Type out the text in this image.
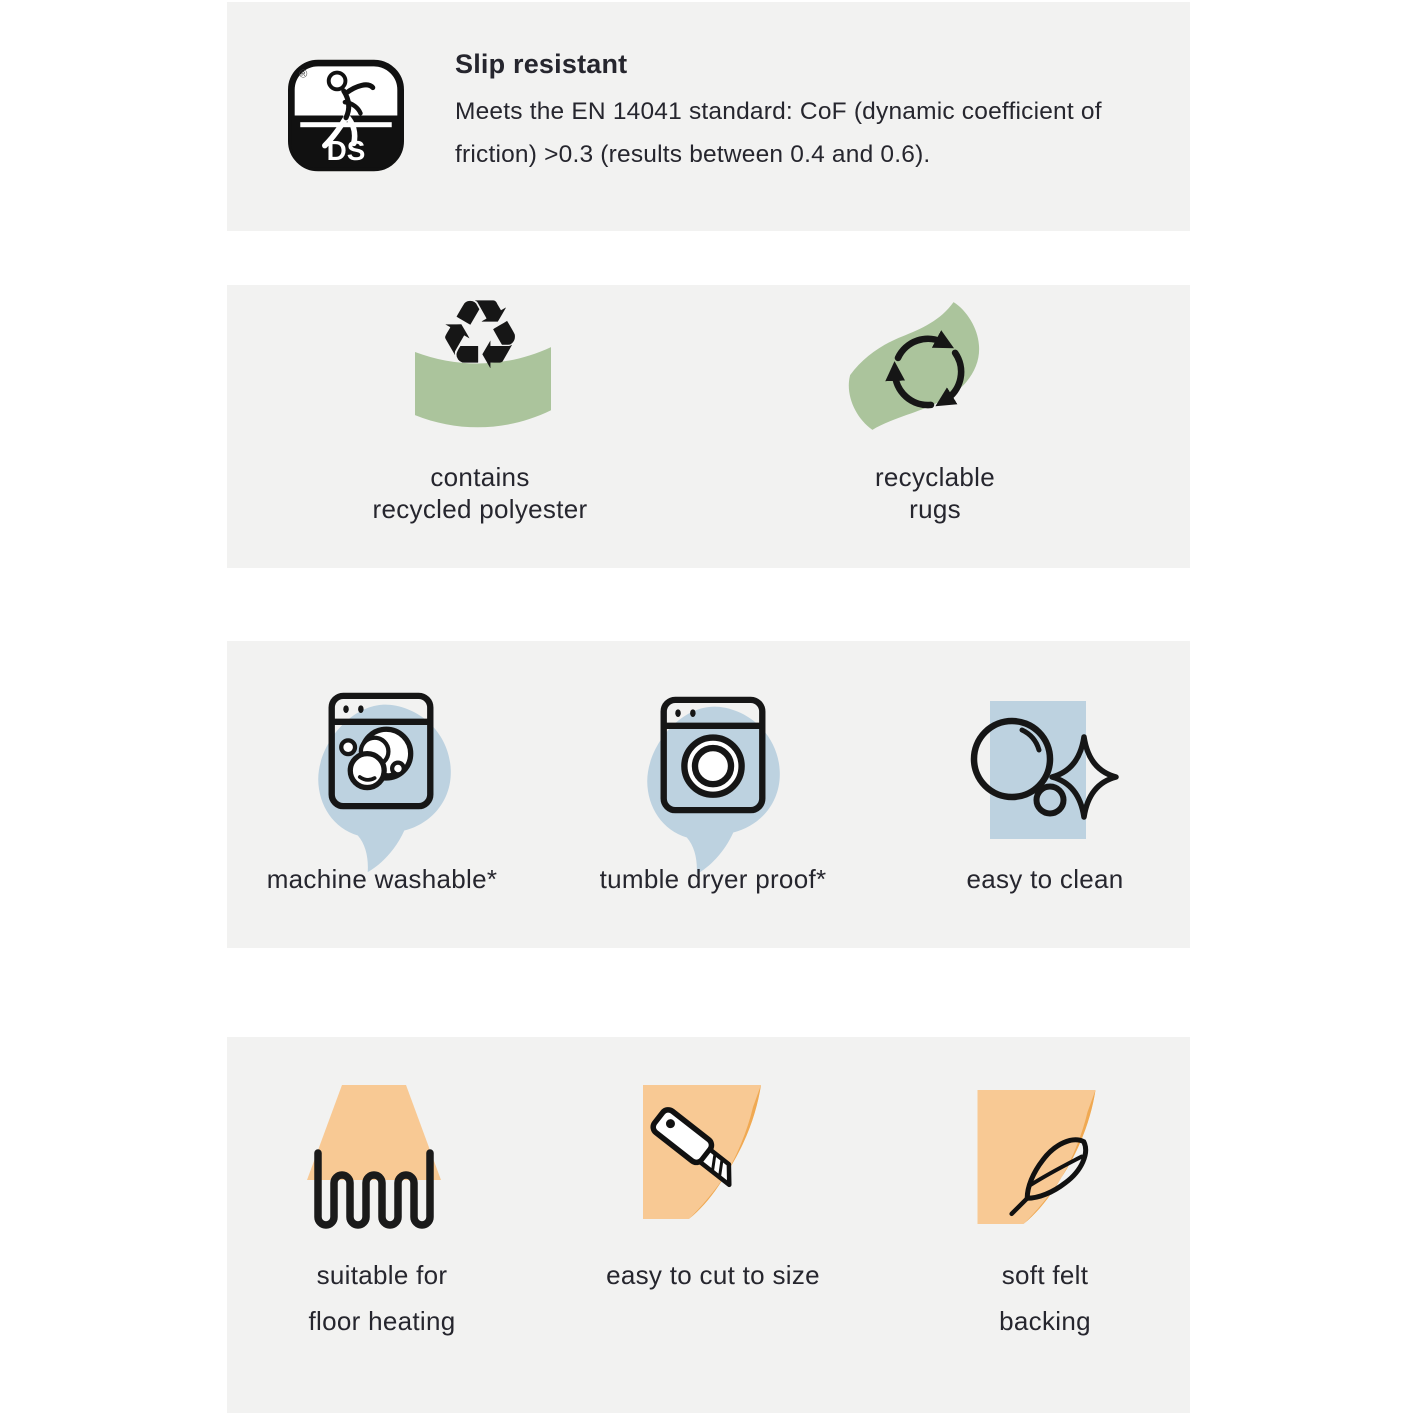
®
DS
Slip resistant

Meets the EN 14041 standard: CoF (dynamic coefficient of

friction) >0.3 (results between 0.4 and 0.6).

♻
contains
recycled polyester
recyclable
rugs
machine washable*	tumble dryer proof*	easy to clean
suitable for
floor heating
easy to cut to size	soft felt
backing
